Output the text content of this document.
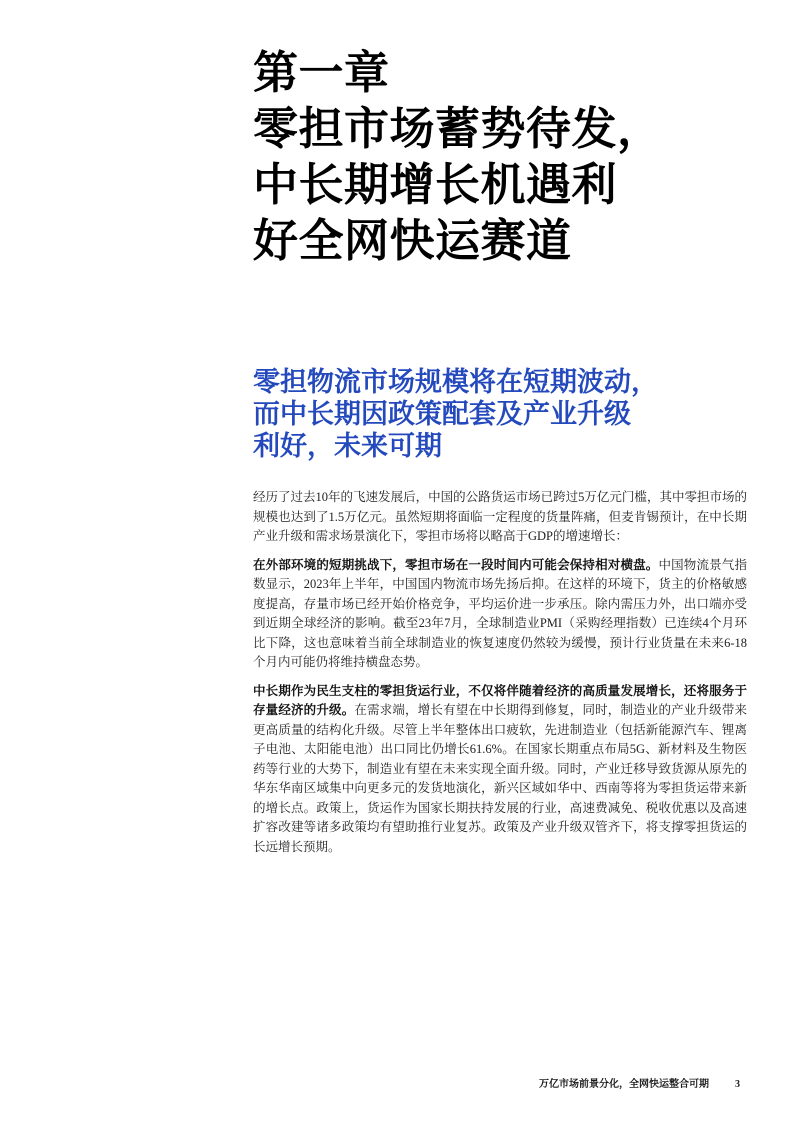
第一章
零担市场蓄势待发，
中长期增长机遇利
好全网快运赛道
零担物流市场规模将在短期波动，
而中长期因政策配套及产业升级
利好，未来可期

经历了过去10年的飞速发展后，中国的公路货运市场已跨过5万亿元门槛，其中零担市场的规模也达到了1.5万亿元。虽然短期将面临一定程度的货量阵痛，但麦肯锡预计，在中长期产业升级和需求场景演化下，零担市场将以略高于GDP的增速增长：

在外部环境的短期挑战下，零担市场在一段时间内可能会保持相对横盘。中国物流景气指数显示，2023年上半年，中国国内物流市场先扬后抑。在这样的环境下，货主的价格敏感度提高，存量市场已经开始价格竞争，平均运价进一步承压。除内需压力外，出口端亦受到近期全球经济的影响。截至23年7月，全球制造业PMI（采购经理指数）已连续4个月环比下降，这也意味着当前全球制造业的恢复速度仍然较为缓慢，预计行业货量在未来6-18个月内可能仍将维持横盘态势。

中长期作为民生支柱的零担货运行业，不仅将伴随着经济的高质量发展增长，还将服务于存量经济的升级。在需求端，增长有望在中长期得到修复，同时，制造业的产业升级带来更高质量的结构化升级。尽管上半年整体出口疲软，先进制造业（包括新能源汽车、锂离子电池、太阳能电池）出口同比仍增长61.6%。在国家长期重点布局5G、新材料及生物医药等行业的大势下，制造业有望在未来实现全面升级。同时，产业迁移导致货源从原先的华东华南区域集中向更多元的发货地演化，新兴区域如华中、西南等将为零担货运带来新的增长点。政策上，货运作为国家长期扶持发展的行业，高速费减免、税收优惠以及高速扩容改建等诸多政策均有望助推行业复苏。政策及产业升级双管齐下，将支撑零担货运的长远增长预期。

万亿市场前景分化，全网快运整合可期	3
